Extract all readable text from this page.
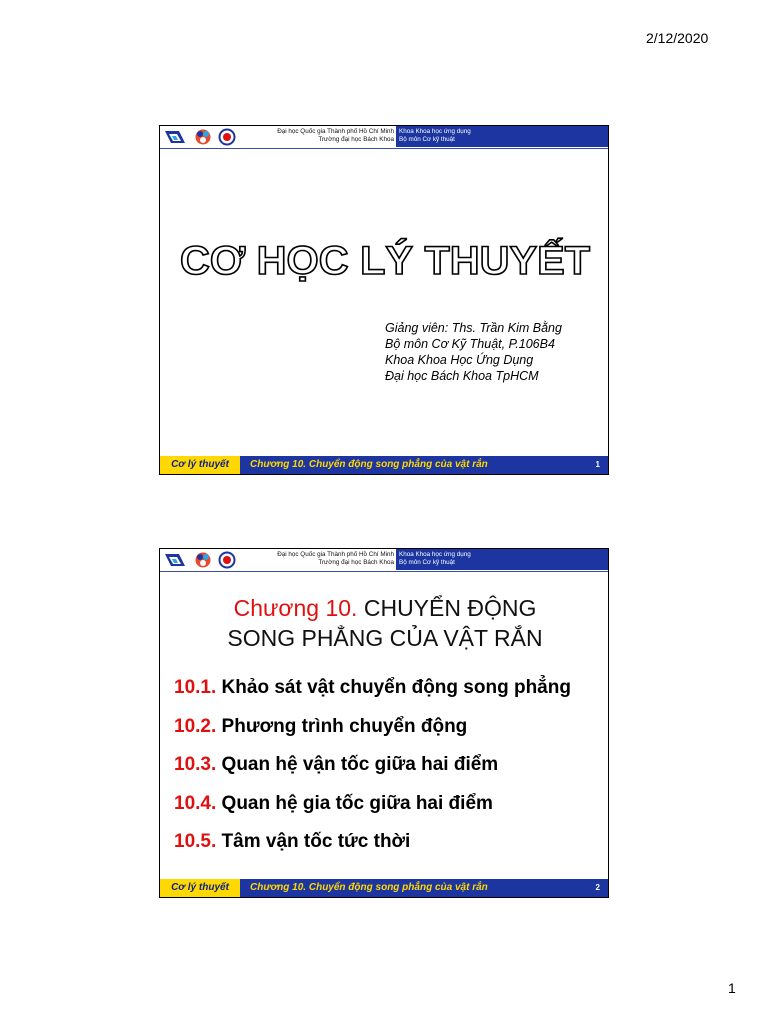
2/12/2020
Đại học Quốc gia Thành phố Hồ Chí Minh
Trường đại học Bách Khoa
Khoa Khoa học ứng dụng
Bộ môn Cơ kỹ thuật
CƠ HỌC LÝ THUYẾT
Giảng viên: Ths. Trần Kim Bằng
Bộ môn Cơ Kỹ Thuật, P.106B4
Khoa Khoa Học Ứng Dụng
Đại học Bách Khoa TpHCM
Cơ lý thuyết	Chương 10. Chuyển động song phẳng của vật rắn	1
Đại học Quốc gia Thành phố Hồ Chí Minh
Trường đại học Bách Khoa
Khoa Khoa học ứng dụng
Bộ môn Cơ kỹ thuật
Chương 10. CHUYỂN ĐỘNG
SONG PHẲNG CỦA VẬT RẮN
10.1. Khảo sát vật chuyển động song phẳng
10.2. Phương trình chuyển động
10.3. Quan hệ vận tốc giữa hai điểm
10.4. Quan hệ gia tốc giữa hai điểm
10.5. Tâm vận tốc tức thời
Cơ lý thuyết	Chương 10. Chuyển động song phẳng của vật rắn	2
1
